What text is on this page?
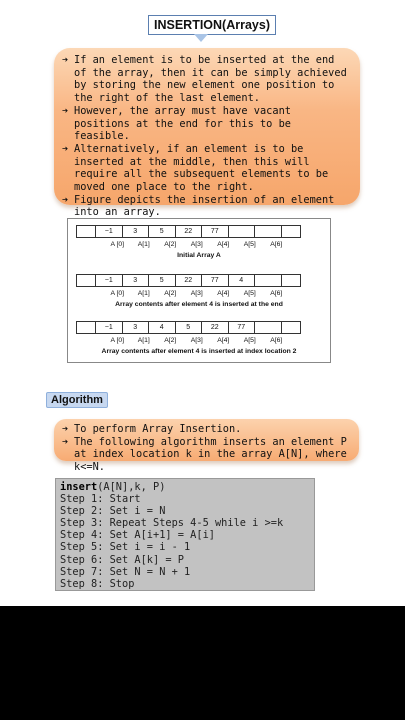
INSERTION(Arrays)
➔ If an element is to be inserted at the end of the array, then it can be simply achieved by storing the new element one position to the right of the last element.
➔ However, the array must have vacant positions at the end for this to be feasible.
➔ Alternatively, if an element is to be inserted at the middle, then this will require all the subsequent elements to be moved one place to the right.
➔ Figure depicts the insertion of an element into an array.
−1	3	5	22	77
A [0]	A[1]	A[2]	A[3]	A[4]	A[5]	A[6]
Initial Array A
−1	3	5	22	77	4
A [0]	A[1]	A[2]	A[3]	A[4]	A[5]	A[6]
Array contents after element 4 is inserted at the end
−1	3	4	5	22	77
A [0]	A[1]	A[2]	A[3]	A[4]	A[5]	A[6]
Array contents after element 4 is inserted at index location 2
Algorithm
➔ To perform Array Insertion.
➔ The following algorithm inserts an element P at index location k in the array A[N], where k<=N.
insert(A[N],k, P)
Step 1: Start
Step 2: Set i = N
Step 3: Repeat Steps 4-5 while i >=k
Step 4: Set A[i+1] = A[i]
Step 5: Set i = i - 1
Step 6: Set A[k] = P
Step 7: Set N = N + 1
Step 8: Stop
